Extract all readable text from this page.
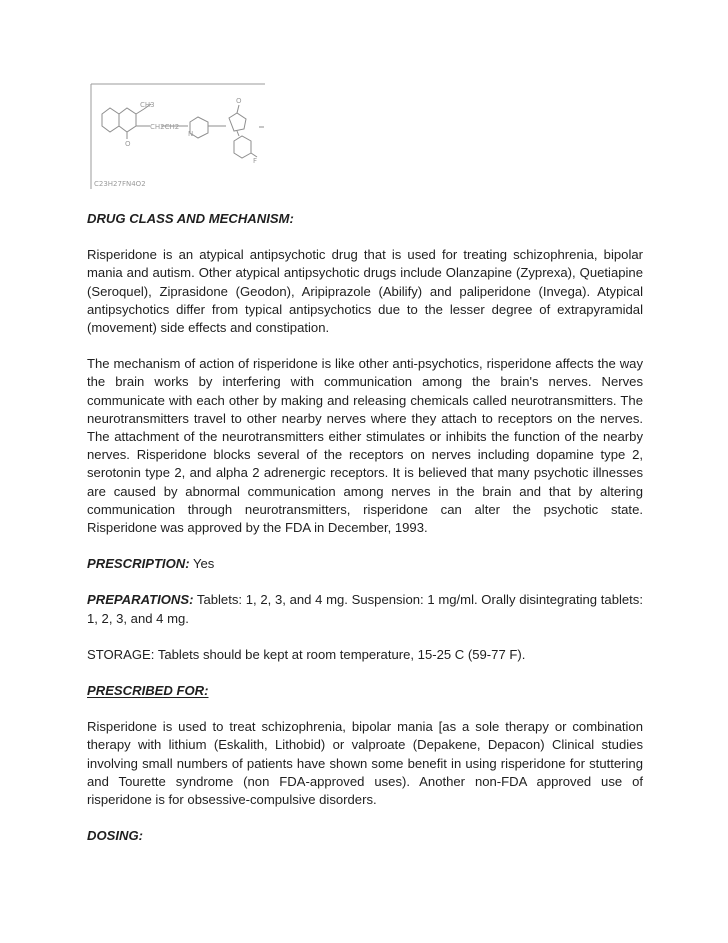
CH3
O
CH2CH2
N
O
F
C23H27FN4O2
DRUG CLASS AND MECHANISM:

Risperidone is an atypical antipsychotic drug that is used for treating schizophrenia, bipolar mania and autism. Other atypical antipsychotic drugs include Olanzapine (Zyprexa), Quetiapine (Seroquel), Ziprasidone (Geodon), Aripiprazole (Abilify) and paliperidone (Invega). Atypical antipsychotics differ from typical antipsychotics due to the lesser degree of extrapyramidal (movement) side effects and constipation.

The mechanism of action of risperidone is like other anti-psychotics, risperidone affects the way the brain works by interfering with communication among the brain's nerves. Nerves communicate with each other by making and releasing chemicals called neurotransmitters. The neurotransmitters travel to other nearby nerves where they attach to receptors on the nerves. The attachment of the neurotransmitters either stimulates or inhibits the function of the nearby nerves. Risperidone blocks several of the receptors on nerves including dopamine type 2, serotonin type 2, and alpha 2 adrenergic receptors. It is believed that many psychotic illnesses are caused by abnormal communication among nerves in the brain and that by altering communication through neurotransmitters, risperidone can alter the psychotic state. Risperidone was approved by the FDA in December, 1993.

PRESCRIPTION: Yes

PREPARATIONS: Tablets: 1, 2, 3, and 4 mg. Suspension: 1 mg/ml. Orally disintegrating tablets: 1, 2, 3, and 4 mg.

STORAGE: Tablets should be kept at room temperature, 15-25 C (59-77 F).

PRESCRIBED FOR:

Risperidone is used to treat schizophrenia, bipolar mania [as a sole therapy or combination therapy with lithium (Eskalith, Lithobid) or valproate (Depakene, Depacon) Clinical studies involving small numbers of patients have shown some benefit in using risperidone for stuttering and Tourette syndrome (non FDA-approved uses). Another non-FDA approved use of risperidone is for obsessive-compulsive disorders.

DOSING:
